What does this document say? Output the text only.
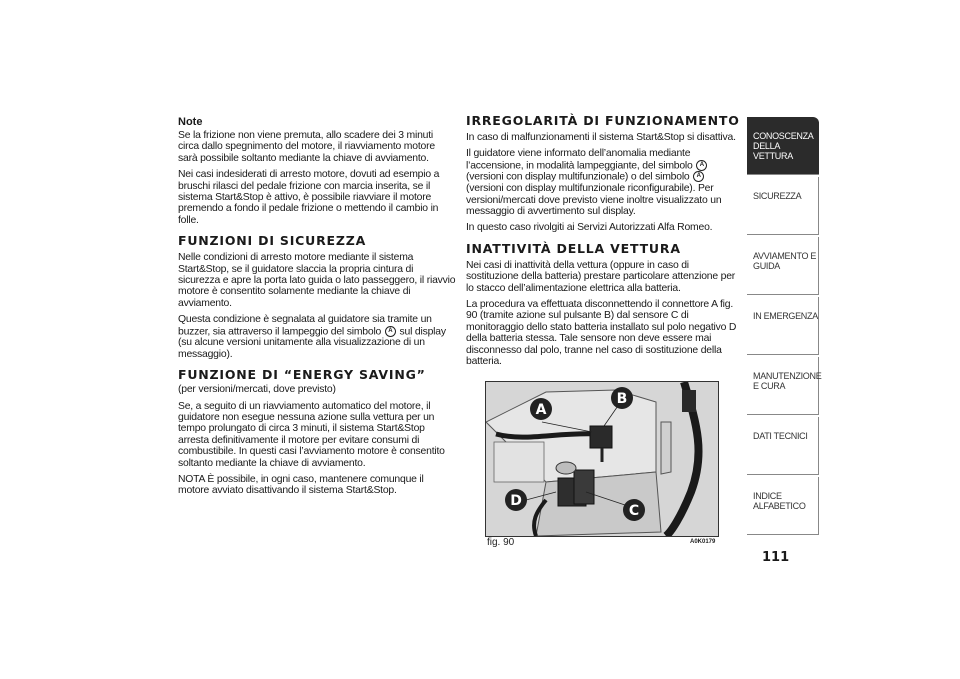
Note

Se la frizione non viene premuta, allo scadere dei 3 minuti circa dallo spegnimento del motore, il riavviamento motore sarà possibile soltanto mediante la chiave di avviamento.

Nei casi indesiderati di arresto motore, dovuti ad esempio a bruschi rilasci del pedale frizione con marcia inserita, se il sistema Start&Stop è attivo, è possibile riavviare il motore premendo a fondo il pedale frizione o mettendo il cambio in folle.

FUNZIONI DI SICUREZZA

Nelle condizioni di arresto motore mediante il sistema Start&Stop, se il guidatore slaccia la propria cintura di sicurezza e apre la porta lato guida o lato passeggero, il riavvio motore è consentito solamente mediante la chiave di avviamento.

Questa condizione è segnalata al guidatore sia tramite un buzzer, sia attraverso il lampeggio del simbolo A sul display (su alcune versioni unitamente alla visualizzazione di un messaggio).

FUNZIONE DI “ENERGY SAVING”

(per versioni/mercati, dove previsto)

Se, a seguito di un riavviamento automatico del motore, il guidatore non esegue nessuna azione sulla vettura per un tempo prolungato di circa 3 minuti, il sistema Start&Stop arresta definitivamente il motore per evitare consumi di combustibile. In questi casi l’avviamento motore è consentito soltanto mediante la chiave di avviamento.

NOTA È possibile, in ogni caso, mantenere comunque il motore avviato disattivando il sistema Start&Stop.

IRREGOLARITÀ DI FUNZIONAMENTO

In caso di malfunzionamenti il sistema Start&Stop si disattiva.

Il guidatore viene informato dell’anomalia mediante l’accensione, in modalità lampeggiante, del simbolo A (versioni con display multifunzionale) o del simbolo A (versioni con display multifunzionale riconfigurabile). Per versioni/mercati dove previsto viene inoltre visualizzato un messaggio di avvertimento sul display.

In questo caso rivolgiti ai Servizi Autorizzati Alfa Romeo.

INATTIVITÀ DELLA VETTURA

Nei casi di inattività della vettura (oppure in caso di sostituzione della batteria) prestare particolare attenzione per lo stacco dell’alimentazione elettrica alla batteria.

La procedura va effettuata disconnettendo il connettore A fig. 90 (tramite azione sul pulsante B) dal sensore C di monitoraggio dello stato batteria installato sul polo negativo D della batteria stessa. Tale sensore non deve essere mai disconnesso dal polo, tranne nel caso di sostituzione della batteria.

A
B
C
D
fig. 90	A0K0179
CONOSCENZA DELLA VETTURA
SICUREZZA
AVVIAMENTO E GUIDA
IN EMERGENZA
MANUTENZIONE E CURA
DATI TECNICI
INDICE ALFABETICO
111
